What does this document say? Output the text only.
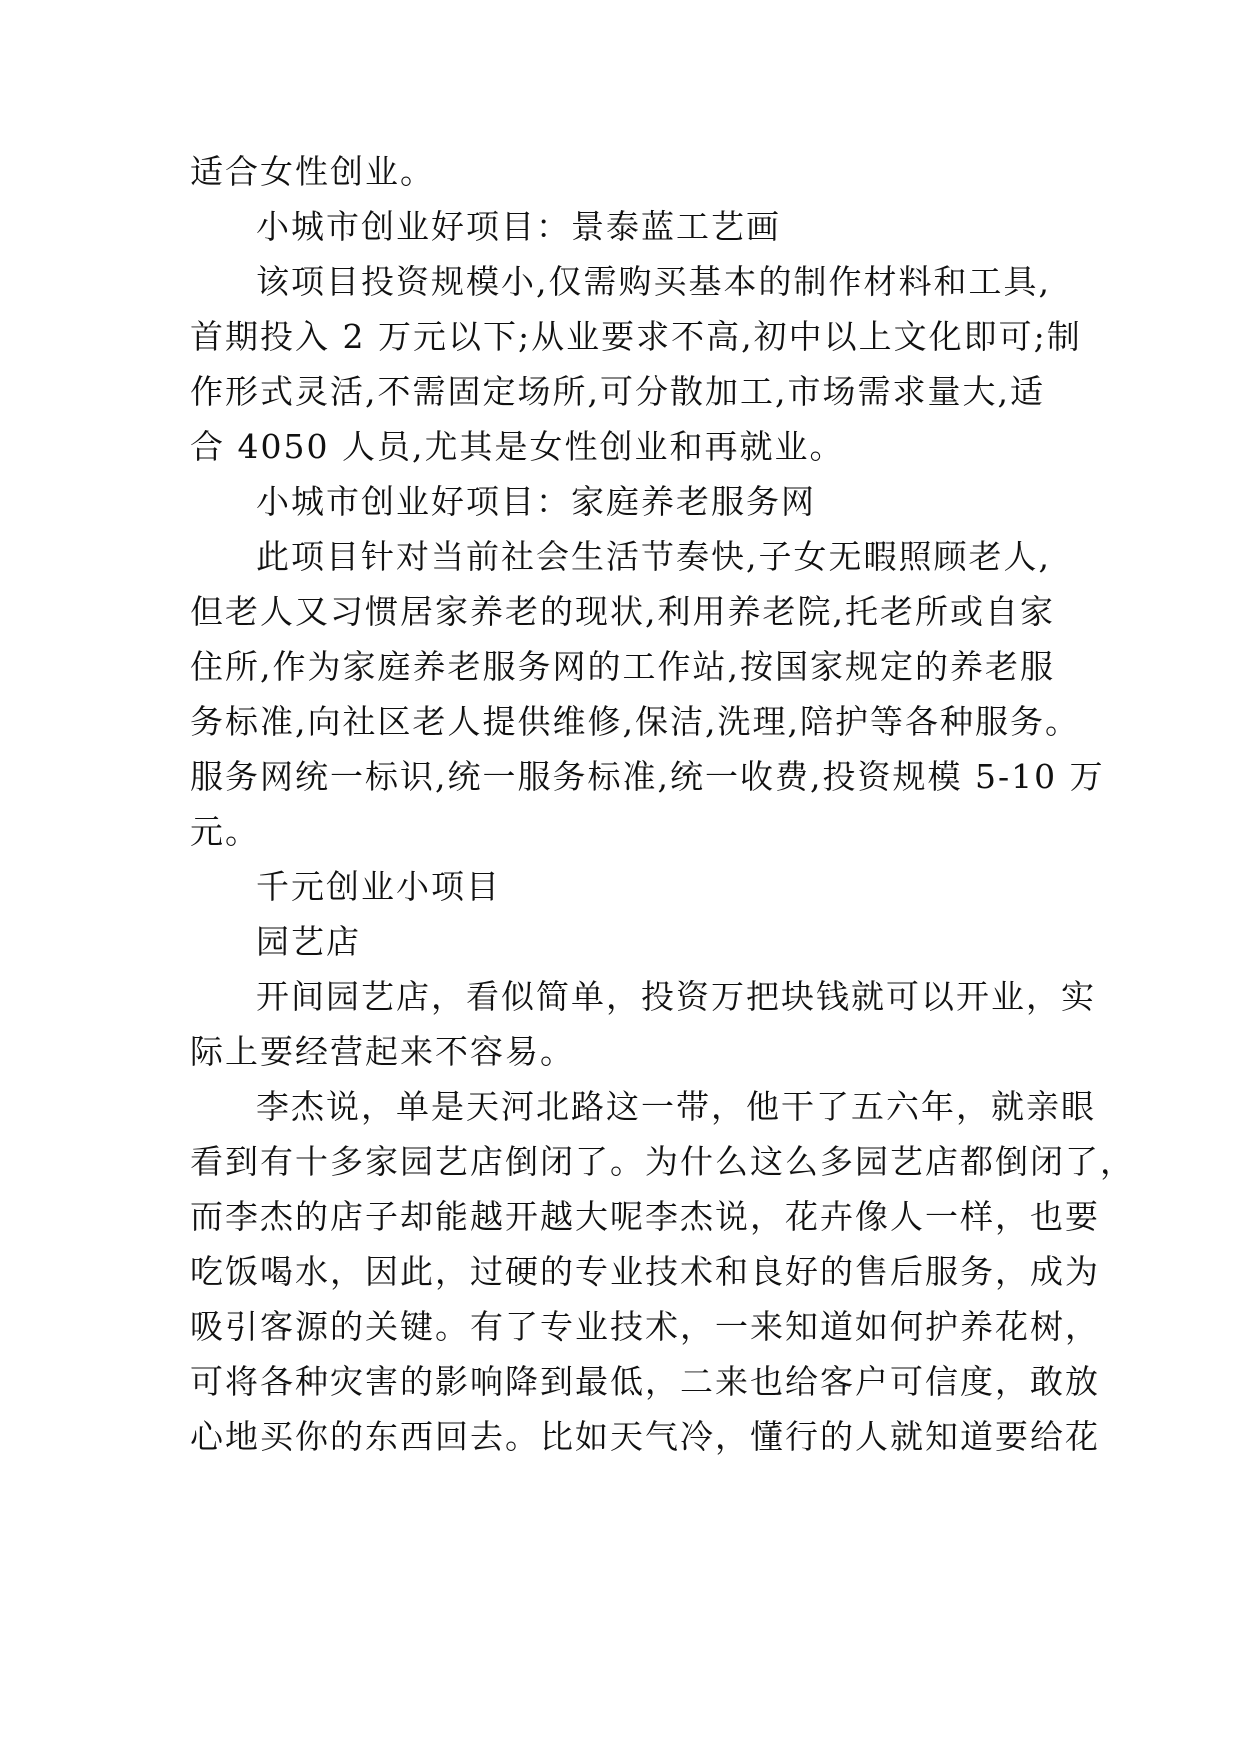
适合女性创业。
小城市创业好项目：景泰蓝工艺画
该项目投资规模小,仅需购买基本的制作材料和工具,
首期投入 2 万元以下;从业要求不高,初中以上文化即可;制
作形式灵活,不需固定场所,可分散加工,市场需求量大,适
合 4050 人员,尤其是女性创业和再就业。
小城市创业好项目：家庭养老服务网
此项目针对当前社会生活节奏快,子女无暇照顾老人,
但老人又习惯居家养老的现状,利用养老院,托老所或自家
住所,作为家庭养老服务网的工作站,按国家规定的养老服
务标准,向社区老人提供维修,保洁,洗理,陪护等各种服务。
服务网统一标识,统一服务标准,统一收费,投资规模 5-10 万
元。
千元创业小项目
园艺店
开间园艺店，看似简单，投资万把块钱就可以开业，实
际上要经营起来不容易。
李杰说，单是天河北路这一带，他干了五六年，就亲眼
看到有十多家园艺店倒闭了。为什么这么多园艺店都倒闭了，
而李杰的店子却能越开越大呢李杰说，花卉像人一样，也要
吃饭喝水，因此，过硬的专业技术和良好的售后服务，成为
吸引客源的关键。有了专业技术，一来知道如何护养花树，
可将各种灾害的影响降到最低，二来也给客户可信度，敢放
心地买你的东西回去。比如天气冷，懂行的人就知道要给花
